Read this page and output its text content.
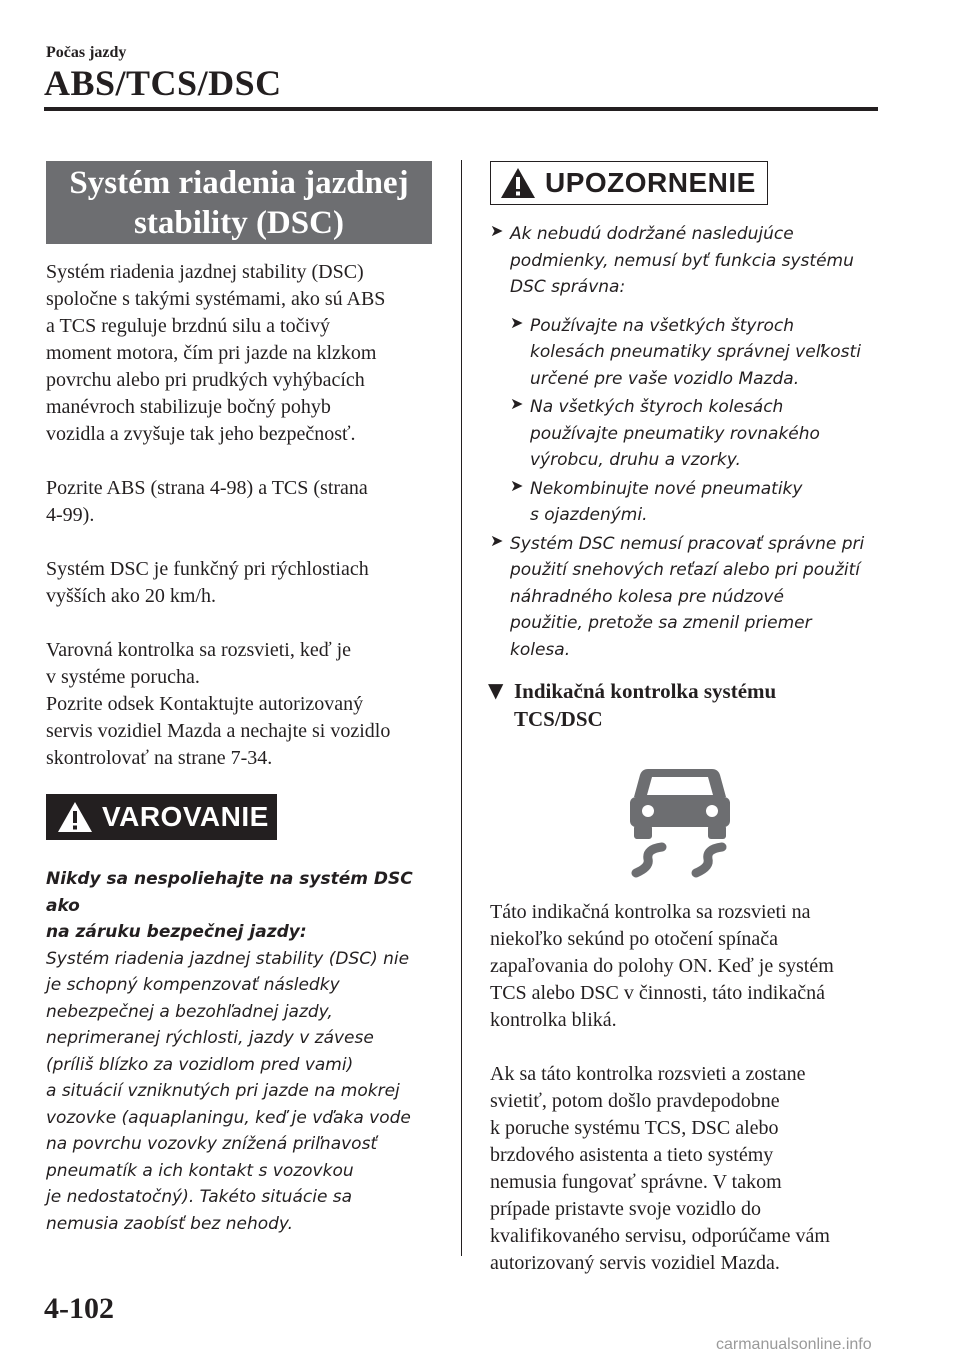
Počas jazdy
ABS/TCS/DSC
Systém riadenia jazdnej
stability (DSC)

Systém riadenia jazdnej stability (DSC)
spoločne s takými systémami, ako sú ABS
a TCS reguluje brzdnú silu a točivý
moment motora, čím pri jazde na klzkom
povrchu alebo pri prudkých vyhýbacích
manévroch stabilizuje bočný pohyb
vozidla a zvyšuje tak jeho bezpečnosť.

Pozrite ABS (strana 4-98) a TCS (strana
4-99).

Systém DSC je funkčný pri rýchlostiach
vyšších ako 20 km/h.

Varovná kontrolka sa rozsvieti, keď je
v systéme porucha.
Pozrite odsek Kontaktujte autorizovaný
servis vozidiel Mazda a nechajte si vozidlo
skontrolovať na strane 7-34.

VAROVANIE

Nikdy sa nespoliehajte na systém DSC ako
na záruku bezpečnej jazdy:

Systém riadenia jazdnej stability (DSC) nie
je schopný kompenzovať následky
nebezpečnej a bezohľadnej jazdy,
neprimeranej rýchlosti, jazdy v závese
(príliš blízko za vozidlom pred vami)
a situácií vzniknutých pri jazde na mokrej
vozovke (aquaplaningu, keď je vďaka vode
na povrchu vozovky znížená priľnavosť
pneumatík a ich kontakt s vozovkou
je nedostatočný). Takéto situácie sa
nemusia zaobísť bez nehody.

UPOZORNENIE
➤ Ak nebudú dodržané nasledujúce
podmienky, nemusí byť funkcia systému
DSC správna:

➤ Používajte na všetkých štyroch
kolesách pneumatiky správnej veľkosti
určené pre vaše vozidlo Mazda.

➤ Na všetkých štyroch kolesách
používajte pneumatiky rovnakého
výrobcu, druhu a vzorky.

➤ Nekombinujte nové pneumatiky
s ojazdenými.

➤ Systém DSC nemusí pracovať správne pri
použití snehových reťazí alebo pri použití
náhradného kolesa pre núdzové
použitie, pretože sa zmenil priemer
kolesa.

▼ Indikačná kontrolka systému
TCS/DSC

Táto indikačná kontrolka sa rozsvieti na
niekoľko sekúnd po otočení spínača
zapaľovania do polohy ON. Keď je systém
TCS alebo DSC v činnosti, táto indikačná
kontrolka bliká.

Ak sa táto kontrolka rozsvieti a zostane
svietiť, potom došlo pravdepodobne
k poruche systému TCS, DSC alebo
brzdového asistenta a tieto systémy
nemusia fungovať správne. V takom
prípade pristavte svoje vozidlo do
kvalifikovaného servisu, odporúčame vám
autorizovaný servis vozidiel Mazda.

4-102
carmanualsonline.info
